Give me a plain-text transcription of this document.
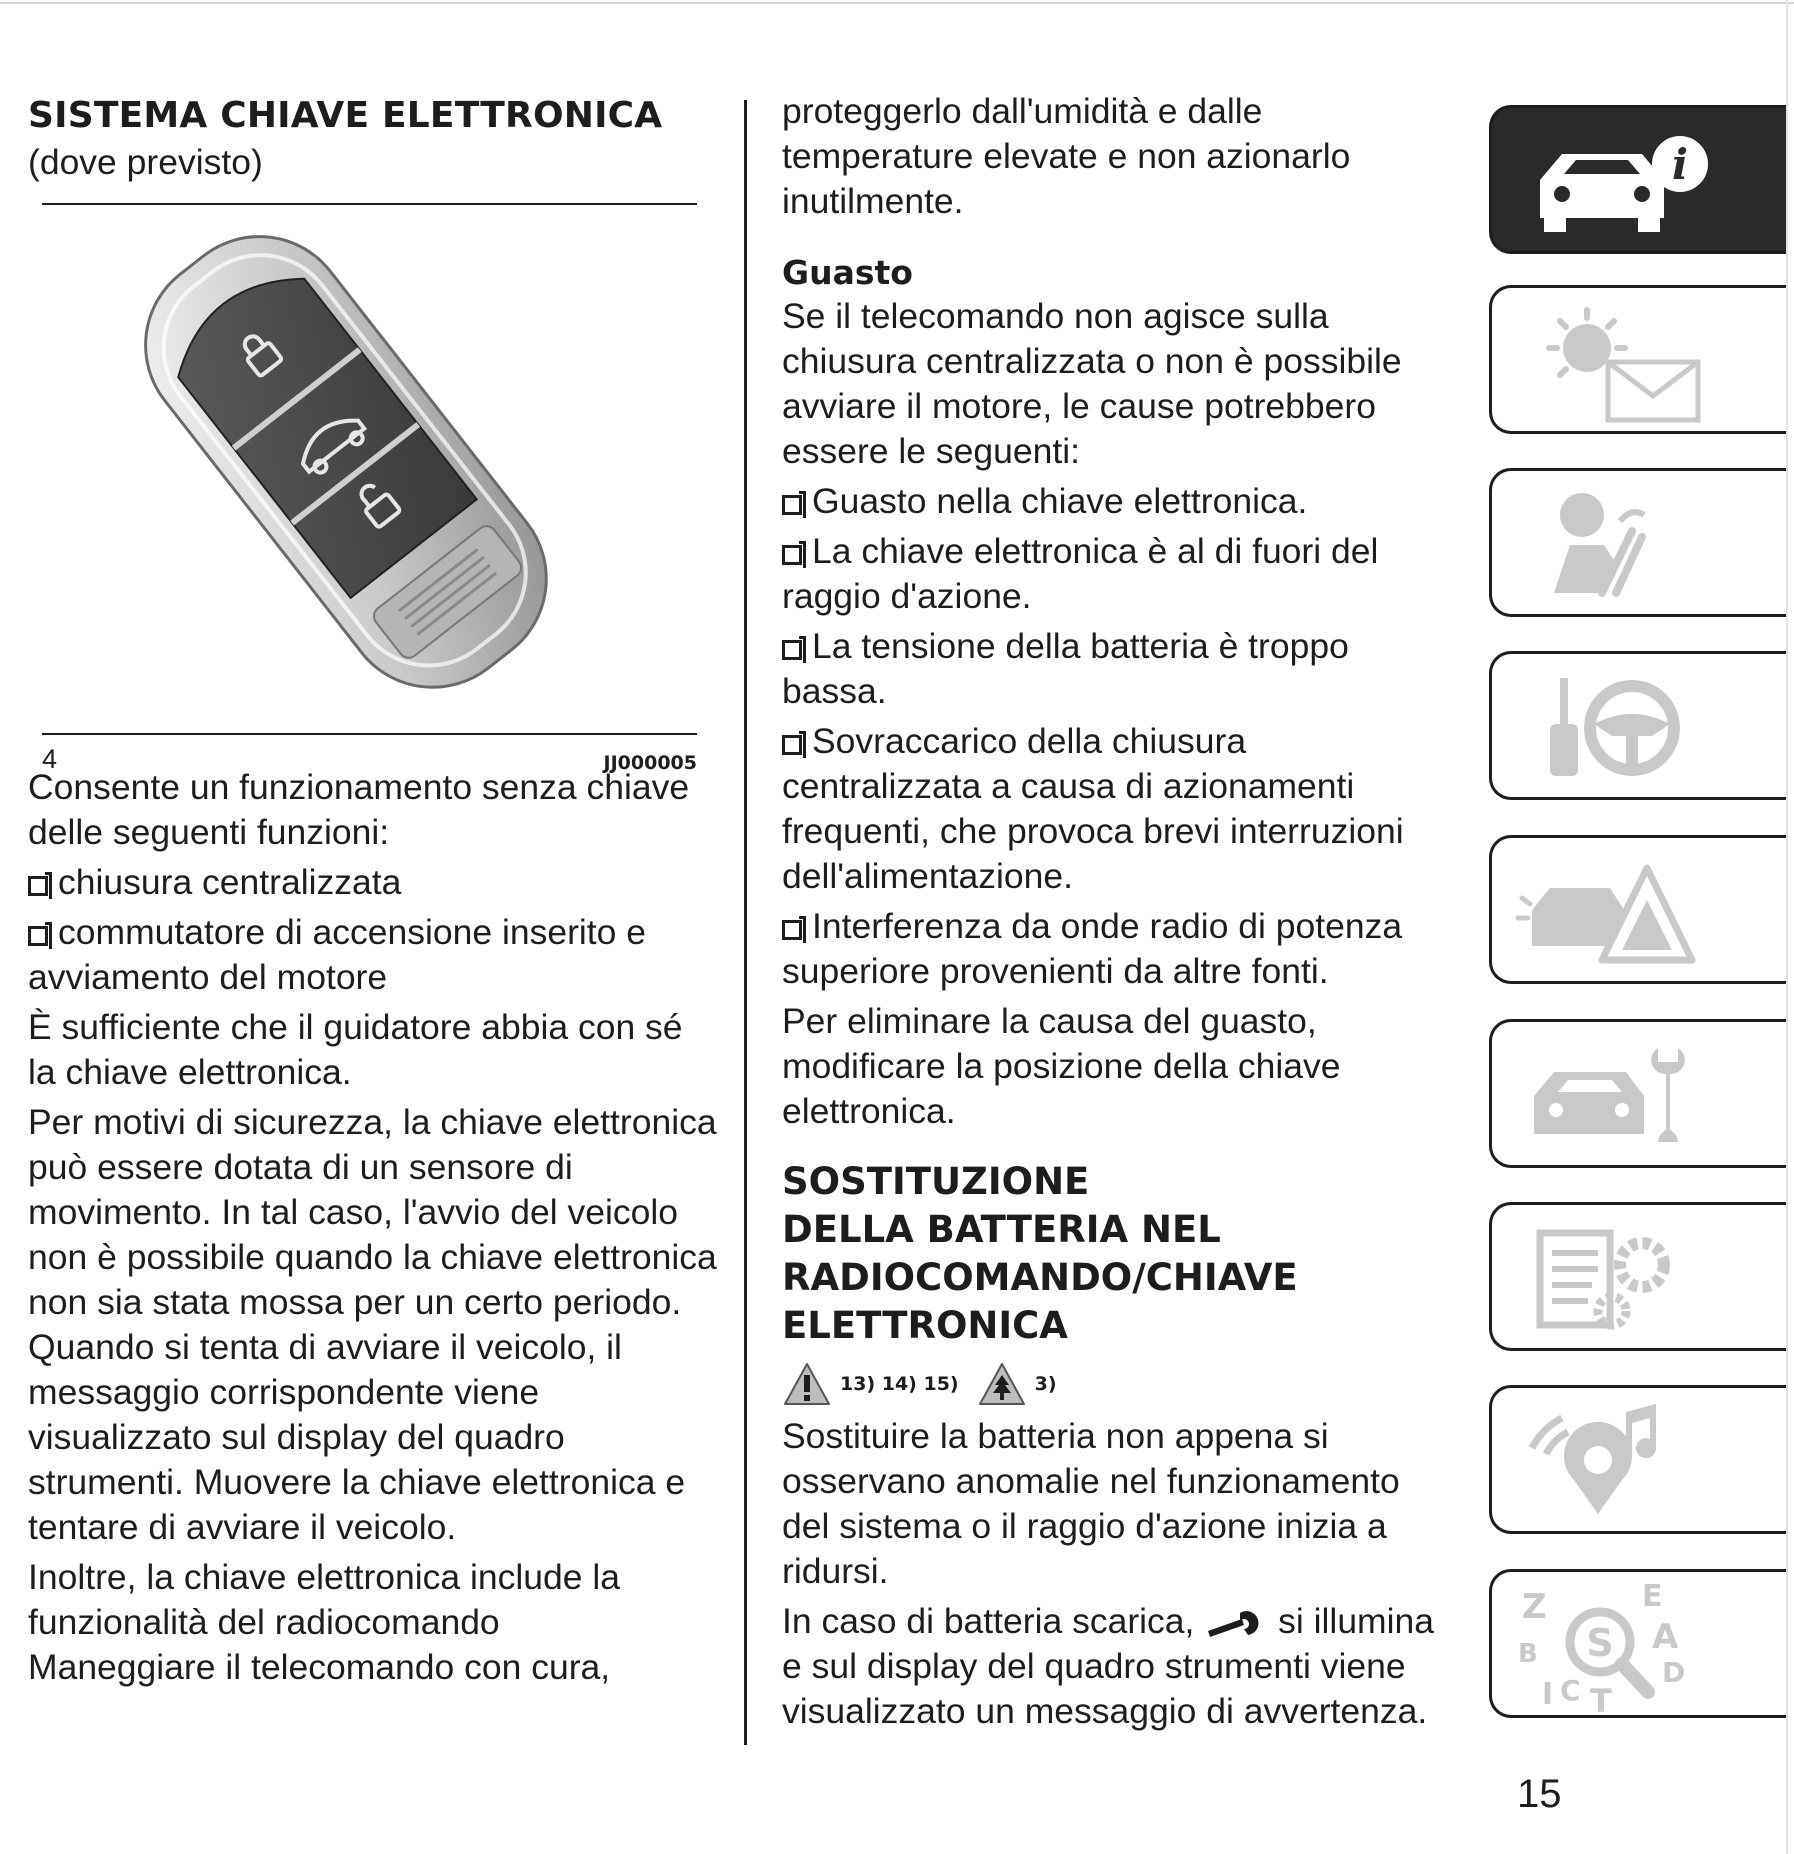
SISTEMA CHIAVE ELETTRONICA

(dove previsto)

4	JJ000005

Consente un funzionamento senza chiave delle seguenti funzioni:

chiusura centralizzata

commutatore di accensione inserito e avviamento del motore

È sufficiente che il guidatore abbia con sé la chiave elettronica.

Per motivi di sicurezza, la chiave elettronica può essere dotata di un sensore di movimento. In tal caso, l'avvio del veicolo non è possibile quando la chiave elettronica non sia stata mossa per un certo periodo. Quando si tenta di avviare il veicolo, il messaggio corrispondente viene visualizzato sul display del quadro strumenti. Muovere la chiave elettronica e tentare di avviare il veicolo.

Inoltre, la chiave elettronica include la funzionalità del radiocomando

Maneggiare il telecomando con cura,

proteggerlo dall'umidità e dalle temperature elevate e non azionarlo inutilmente.

Guasto

Se il telecomando non agisce sulla chiusura centralizzata o non è possibile avviare il motore, le cause potrebbero essere le seguenti:

Guasto nella chiave elettronica.

La chiave elettronica è al di fuori del raggio d'azione.

La tensione della batteria è troppo bassa.

Sovraccarico della chiusura centralizzata a causa di azionamenti frequenti, che provoca brevi interruzioni dell'alimentazione.

Interferenza da onde radio di potenza superiore provenienti da altre fonti.

Per eliminare la causa del guasto, modificare la posizione della chiave elettronica.

SOSTITUZIONE
DELLA BATTERIA NEL
RADIOCOMANDO/CHIAVE
ELETTRONICA
13) 14) 15)	3)

Sostituire la batteria non appena si osservano anomalie nel funzionamento del sistema o il raggio d'azione inizia a ridursi.

In caso di batteria scarica, si illumina e sul display del quadro strumenti viene visualizzato un messaggio di avvertenza.

i
Z	E
B	A
D
I C T
S
15
